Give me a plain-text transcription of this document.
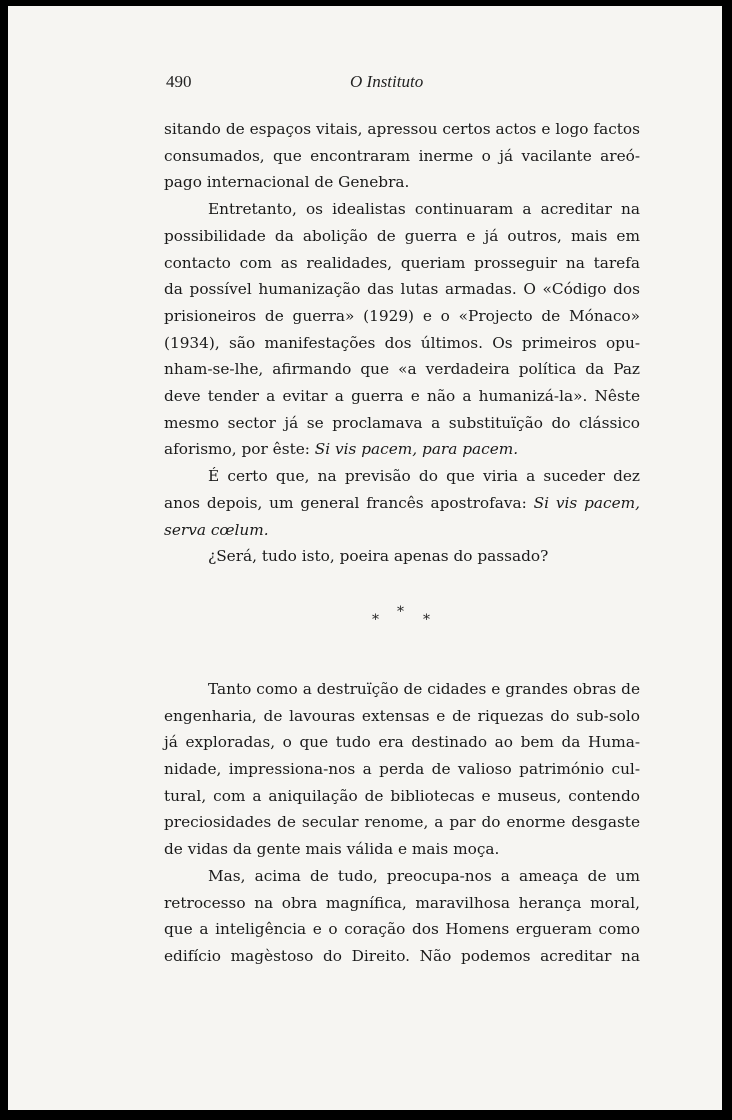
490	O Instituto

sitando de espaços vitais, apressou certos actos e logo factos
consumados, que encontraram inerme o já vacilante areó-
pago internacional de Genebra.

Entretanto, os idealistas continuaram a acreditar na
possibilidade da abolição de guerra e já outros, mais em
contacto com as realidades, queriam prosseguir na tarefa
da possível humanização das lutas armadas. O «Código dos
prisioneiros de guerra» (1929) e o «Projecto de Mónaco»
(1934), são manifestações dos últimos. Os primeiros opu-
nham-se-lhe, afirmando que «a verdadeira política da Paz
deve tender a evitar a guerra e não a humanizá-la». Nêste
mesmo sector já se proclamava a substituïção do clássico
aforismo, por êste: Si vis pacem, para pacem.

É certo que, na previsão do que viria a suceder dez
anos depois, um general francês apostrofava: Si vis pacem,
serva cœlum.

¿Será, tudo isto, poeira apenas do passado?

Tanto como a destruïção de cidades e grandes obras de
engenharia, de lavouras extensas e de riquezas do sub-solo
já exploradas, o que tudo era destinado ao bem da Huma-
nidade, impressiona-nos a perda de valioso património cul-
tural, com a aniquilação de bibliotecas e museus, contendo
preciosidades de secular renome, a par do enorme desgaste
de vidas da gente mais válida e mais moça.

Mas, acima de tudo, preocupa-nos a ameaça de um
retrocesso na obra magnífica, maravilhosa herança moral,
que a inteligência e o coração dos Homens ergueram como
edifício magèstoso do Direito. Não podemos acreditar na

* * *
